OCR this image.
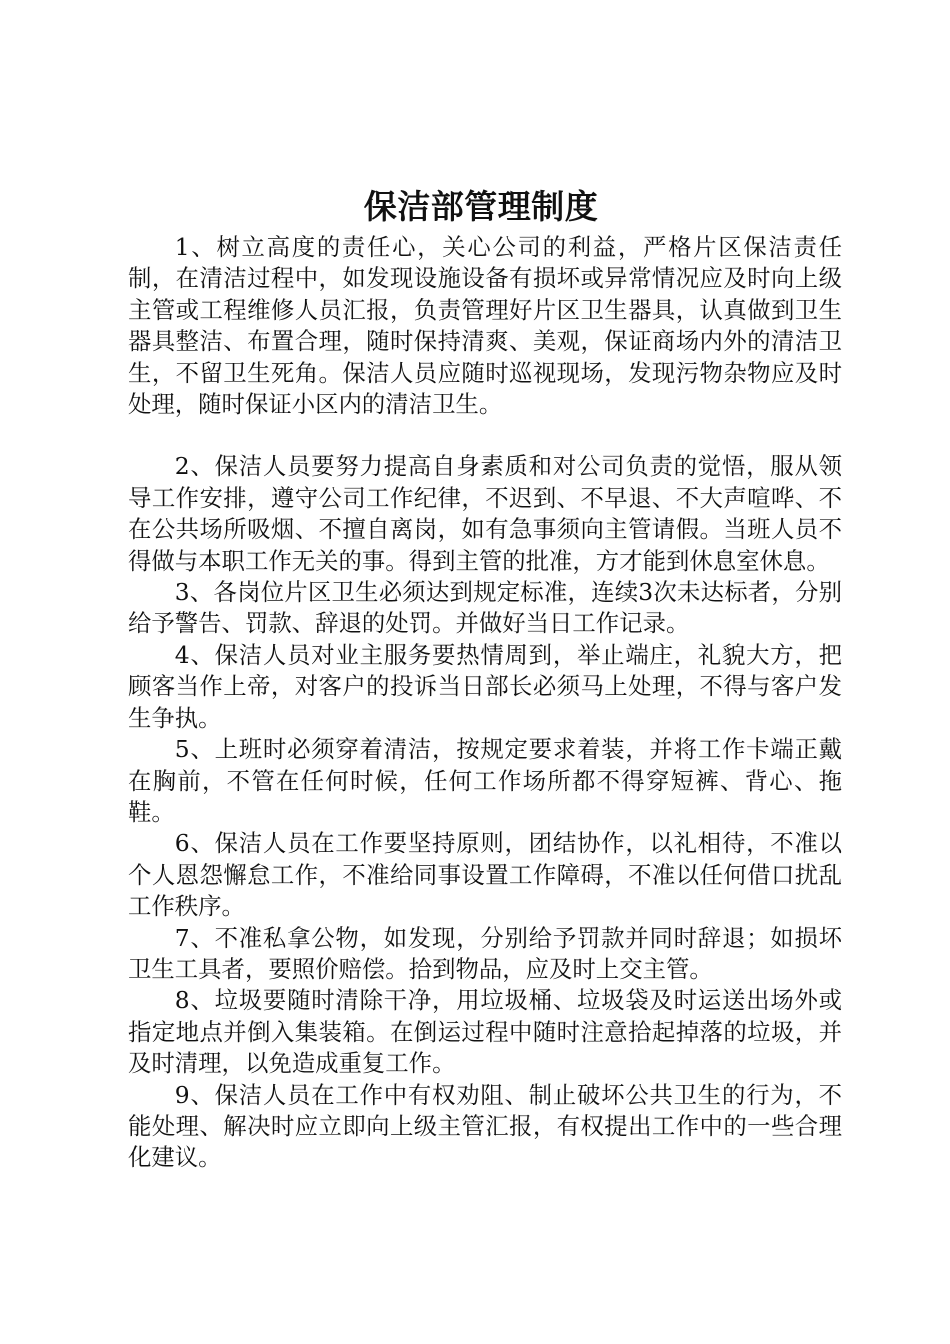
保洁部管理制度

1、树立高度的责任心，关心公司的利益，严格片区保洁责任制，在清洁过程中，如发现设施设备有损坏或异常情况应及时向上级主管或工程维修人员汇报，负责管理好片区卫生器具，认真做到卫生器具整洁、布置合理，随时保持清爽、美观，保证商场内外的清洁卫生，不留卫生死角。保洁人员应随时巡视现场，发现污物杂物应及时处理，随时保证小区内的清洁卫生。

2、保洁人员要努力提高自身素质和对公司负责的觉悟，服从领导工作安排，遵守公司工作纪律，不迟到、不早退、不大声喧哗、不在公共场所吸烟、不擅自离岗，如有急事须向主管请假。当班人员不得做与本职工作无关的事。得到主管的批准，方才能到休息室休息。

3、各岗位片区卫生必须达到规定标准，连续3次未达标者，分别给予警告、罚款、辞退的处罚。并做好当日工作记录。

4、保洁人员对业主服务要热情周到，举止端庄，礼貌大方，把顾客当作上帝，对客户的投诉当日部长必须马上处理，不得与客户发生争执。

5、上班时必须穿着清洁，按规定要求着装，并将工作卡端正戴在胸前，不管在任何时候，任何工作场所都不得穿短裤、背心、拖鞋。

6、保洁人员在工作要坚持原则，团结协作，以礼相待，不准以个人恩怨懈怠工作，不准给同事设置工作障碍，不准以任何借口扰乱工作秩序。

7、不准私拿公物，如发现，分别给予罚款并同时辞退；如损坏卫生工具者，要照价赔偿。拾到物品，应及时上交主管。

8、垃圾要随时清除干净，用垃圾桶、垃圾袋及时运送出场外或指定地点并倒入集装箱。在倒运过程中随时注意拾起掉落的垃圾，并及时清理，以免造成重复工作。

9、保洁人员在工作中有权劝阻、制止破坏公共卫生的行为，不能处理、解决时应立即向上级主管汇报，有权提出工作中的一些合理化建议。
